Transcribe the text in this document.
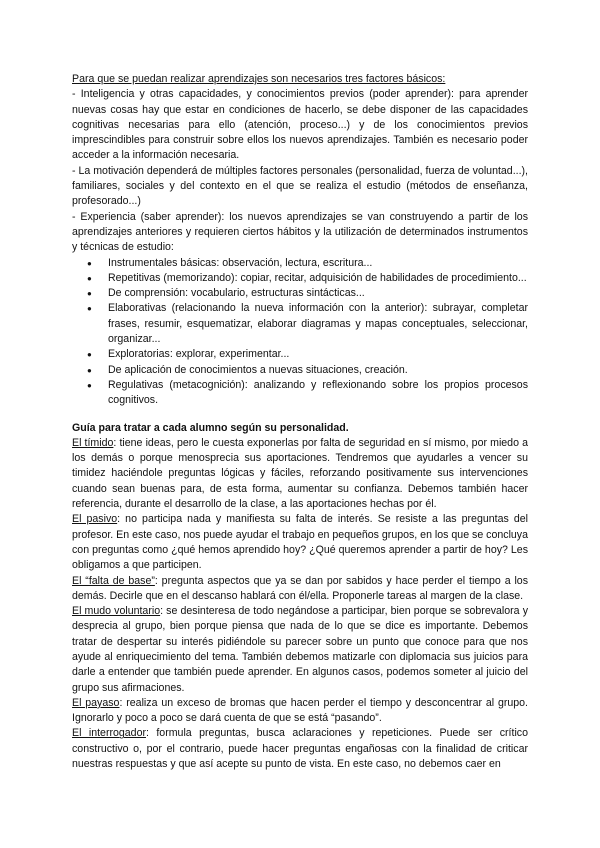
Para que se puedan realizar aprendizajes son necesarios tres factores básicos:

- Inteligencia y otras capacidades, y conocimientos previos (poder aprender): para aprender nuevas cosas hay que estar en condiciones de hacerlo, se debe disponer de las capacidades cognitivas necesarias para ello (atención, proceso...) y de los conocimientos previos imprescindibles para construir sobre ellos los nuevos aprendizajes. También es necesario poder acceder a la información necesaria.

- La motivación dependerá de múltiples factores personales (personalidad, fuerza de voluntad...), familiares, sociales y del contexto en el que se realiza el estudio (métodos de enseñanza, profesorado...)

- Experiencia (saber aprender): los nuevos aprendizajes se van construyendo a partir de los aprendizajes anteriores y requieren ciertos hábitos y la utilización de determinados instrumentos y técnicas de estudio:

● Instrumentales básicas: observación, lectura, escritura...
● Repetitivas (memorizando): copiar, recitar, adquisición de habilidades de procedimiento...
● De comprensión: vocabulario, estructuras sintácticas...
● Elaborativas (relacionando la nueva información con la anterior): subrayar, completar frases, resumir, esquematizar, elaborar diagramas y mapas conceptuales, seleccionar, organizar...
● Exploratorias: explorar, experimentar...
● De aplicación de conocimientos a nuevas situaciones, creación.
● Regulativas (metacognición): analizando y reflexionando sobre los propios procesos cognitivos.

Guía para tratar a cada alumno según su personalidad.

El tímido: tiene ideas, pero le cuesta exponerlas por falta de seguridad en sí mismo, por miedo a los demás o porque menosprecia sus aportaciones. Tendremos que ayudarles a vencer su timidez haciéndole preguntas lógicas y fáciles, reforzando positivamente sus intervenciones cuando sean buenas para, de esta forma, aumentar su confianza. Debemos también hacer referencia, durante el desarrollo de la clase, a las aportaciones hechas por él.

El pasivo: no participa nada y manifiesta su falta de interés. Se resiste a las preguntas del profesor. En este caso, nos puede ayudar el trabajo en pequeños grupos, en los que se concluya con preguntas como ¿qué hemos aprendido hoy? ¿Qué queremos aprender a partir de hoy? Les obligamos a que participen.

El “falta de base”: pregunta aspectos que ya se dan por sabidos y hace perder el tiempo a los demás. Decirle que en el descanso hablará con él/ella. Proponerle tareas al margen de la clase.

El mudo voluntario: se desinteresa de todo negándose a participar, bien porque se sobrevalora y desprecia al grupo, bien porque piensa que nada de lo que se dice es importante. Debemos tratar de despertar su interés pidiéndole su parecer sobre un punto que conoce para que nos ayude al enriquecimiento del tema. También debemos matizarle con diplomacia sus juicios para darle a entender que también puede aprender. En algunos casos, podemos someter al juicio del grupo sus afirmaciones.

El payaso: realiza un exceso de bromas que hacen perder el tiempo y desconcentrar al grupo. Ignorarlo y poco a poco se dará cuenta de que se está “pasando”.

El interrogador: formula preguntas, busca aclaraciones y repeticiones. Puede ser crítico constructivo o, por el contrario, puede hacer preguntas engañosas con la finalidad de criticar nuestras respuestas y que así acepte su punto de vista. En este caso, no debemos caer en
